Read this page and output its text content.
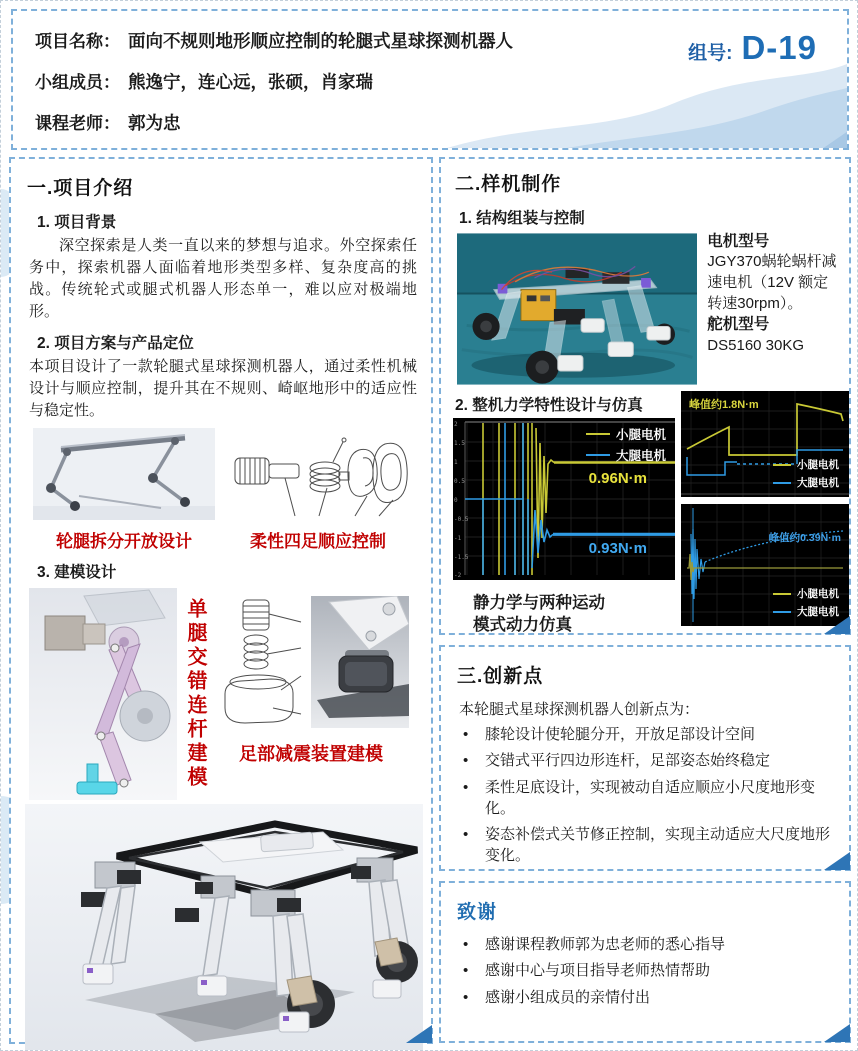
项目名称： 面向不规则地形顺应控制的轮腿式星球探测机器人
小组成员： 熊逸宁，连心远，张硕，肖家瑞
课程老师： 郭为忠
组号: D-19
一.项目介绍
1. 项目背景

深空探索是人类一直以来的梦想与追求。外空探索任务中，探索机器人面临着地形类型多样、复杂度高的挑战。传统轮式或腿式机器人形态单一，难以应对极端地形。

2. 项目方案与产品定位

本项目设计了一款轮腿式星球探测机器人，通过柔性机械设计与顺应控制，提升其在不规则、崎岖地形中的适应性与稳定性。

轮腿拆分开放设计	柔性四足顺应控制
3. 建模设计
单腿交错连杆建模	足部减震装置建模
二.样机制作
1. 结构组装与控制
电机型号
JGY370蜗轮蜗杆减速电机（12V 额定转速30rpm）。
舵机型号
DS5160 30KG
2. 整机力学特性设计与仿真
2
1.5
1
0.5
0
-0.5
-1
-1.5
-2
小腿电机
大腿电机
0.96N·m
0.93N·m
静力学与两种运动
模式动力仿真
峰值约1.8N·m
小腿电机
大腿电机
峰值约0.39N·m
小腿电机
大腿电机
三.创新点

本轮腿式星球探测机器人创新点为：

• 膝轮设计使轮腿分开，开放足部设计空间
• 交错式平行四边形连杆，足部姿态始终稳定
• 柔性足底设计，实现被动自适应顺应小尺度地形变化。
• 姿态补偿式关节修正控制，实现主动适应大尺度地形变化。
致谢
• 感谢课程教师郭为忠老师的悉心指导
• 感谢中心与项目指导老师热情帮助
• 感谢小组成员的亲情付出
